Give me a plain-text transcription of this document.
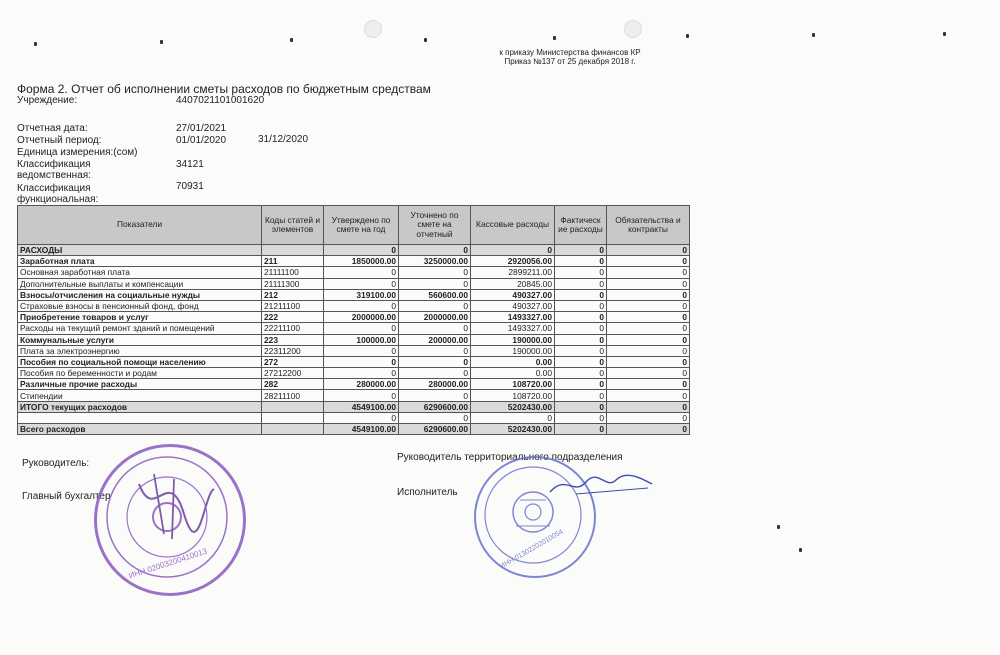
к приказу Министерства финансов КР
Приказ №137 от 25 декабря 2018 г.
Форма 2. Отчет об исполнении сметы расходов по бюджетным средствам
Учреждение:	4407021101001620
Отчетная дата:	27/01/2021
Отчетный период:	01/01/2020	31/12/2020
Единица измерения:(сом)
Классификация
ведомственная:
34121
Классификация
функциональная:
70931
Показатели	Коды статей и элементов	Утверждено по смете на год	Уточнено по смете на отчетный	Кассовые расходы	Фактическ ие расходы	Обязательства и контракты
РАСХОДЫ		0	0	0	0	0
Заработная плата	211	1850000.00	3250000.00	2920056.00	0	0
Основная заработная плата	21111100	0	0	2899211.00	0	0
Дополнительные выплаты и компенсации	21111300	0	0	20845.00	0	0
Взносы/отчисления на социальные нужды	212	319100.00	560600.00	490327.00	0	0
Страховые взносы в пенсионный фонд, фонд	21211100	0	0	490327.00	0	0
Приобретение товаров и услуг	222	2000000.00	2000000.00	1493327.00	0	0
Расходы на текущий ремонт зданий и помещений	22211100	0	0	1493327.00	0	0
Коммунальные услуги	223	100000.00	200000.00	190000.00	0	0
Плата за электроэнергию	22311200	0	0	190000.00	0	0
Пособия по социальной помощи населению	272	0	0	0.00	0	0
Пособия по беременности и родам	27212200	0	0	0.00	0	0
Различные прочие расходы	282	280000.00	280000.00	108720.00	0	0
Стипендии	28211100	0	0	108720.00	0	0
ИТОГО текущих расходов		4549100.00	6290600.00	5202430.00	0	0
		0	0	0	0	0
Всего расходов		4549100.00	6290600.00	5202430.00	0	0
Руководитель:
Главный бухгалтер
Руководитель территориального подразделения
Исполнитель
ИНН 02003200410013	ИНН 01302202010054
